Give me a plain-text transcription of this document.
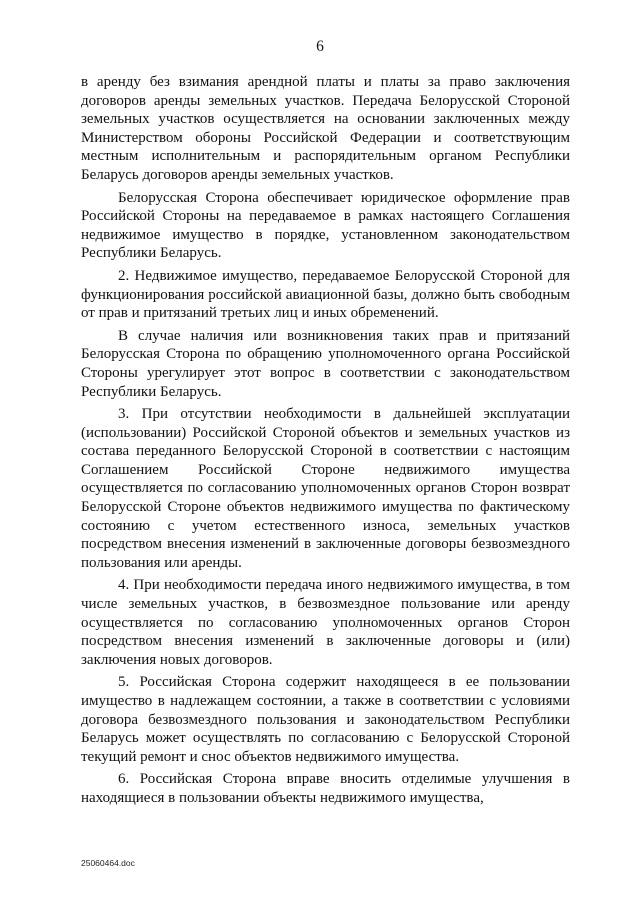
6

в аренду без взимания арендной платы и платы за право заключения договоров аренды земельных участков. Передача Белорусской Стороной земельных участков осуществляется на основании заключенных между Министерством обороны Российской Федерации и соответствующим местным исполнительным и распорядительным органом Республики Беларусь договоров аренды земельных участков.

Белорусская Сторона обеспечивает юридическое оформление прав Российской Стороны на передаваемое в рамках настоящего Соглашения недвижимое имущество в порядке, установленном законодательством Республики Беларусь.

2. Недвижимое имущество, передаваемое Белорусской Стороной для функционирования российской авиационной базы, должно быть свободным от прав и притязаний третьих лиц и иных обременений.

В случае наличия или возникновения таких прав и притязаний Белорусская Сторона по обращению уполномоченного органа Российской Стороны урегулирует этот вопрос в соответствии с законодательством Республики Беларусь.

3. При отсутствии необходимости в дальнейшей эксплуатации (использовании) Российской Стороной объектов и земельных участков из состава переданного Белорусской Стороной в соответствии с настоящим Соглашением Российской Стороне недвижимого имущества осуществляется по согласованию уполномоченных органов Сторон возврат Белорусской Стороне объектов недвижимого имущества по фактическому состоянию с учетом естественного износа, земельных участков посредством внесения изменений в заключенные договоры безвозмездного пользования или аренды.

4. При необходимости передача иного недвижимого имущества, в том числе земельных участков, в безвозмездное пользование или аренду осуществляется по согласованию уполномоченных органов Сторон посредством внесения изменений в заключенные договоры и (или) заключения новых договоров.

5. Российская Сторона содержит находящееся в ее пользовании имущество в надлежащем состоянии, а также в соответствии с условиями договора безвозмездного пользования и законодательством Республики Беларусь может осуществлять по согласованию с Белорусской Стороной текущий ремонт и снос объектов недвижимого имущества.

6. Российская Сторона вправе вносить отделимые улучшения в находящиеся в пользовании объекты недвижимого имущества,

25060464.doc
